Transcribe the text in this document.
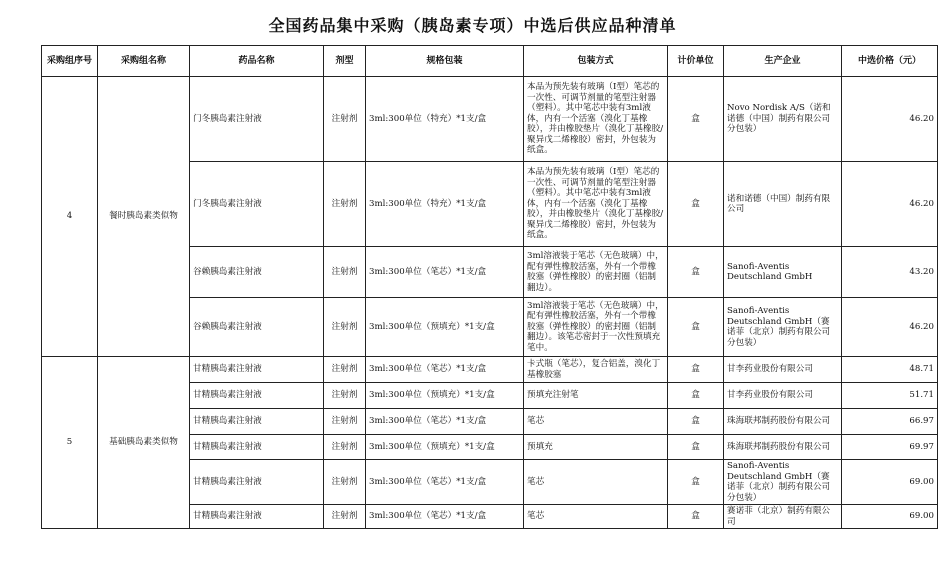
全国药品集中采购（胰岛素专项）中选后供应品种清单
采购组序号	采购组名称	药品名称	剂型	规格包装	包装方式	计价单位	生产企业	中选价格（元）
4	餐时胰岛素类似物	门冬胰岛素注射液	注射剂	3ml:300单位（特充）*1支/盒	本品为预先装有玻璃（Ⅰ型）笔芯的一次性、可调节剂量的笔型注射器（塑料）。其中笔芯中装有3ml液体，内有一个活塞（溴化丁基橡胶），并由橡胶垫片（溴化丁基橡胶/聚异戊二烯橡胶）密封，外包装为纸盒。	盒	Novo Nordisk A/S（诺和诺德（中国）制药有限公司分包装）	46.20
		门冬胰岛素注射液	注射剂	3ml:300单位（特充）*1支/盒	本品为预先装有玻璃（Ⅰ型）笔芯的一次性、可调节剂量的笔型注射器（塑料）。其中笔芯中装有3ml液体，内有一个活塞（溴化丁基橡胶），并由橡胶垫片（溴化丁基橡胶/聚异戊二烯橡胶）密封，外包装为纸盒。	盒	诺和诺德（中国）制药有限公司	46.20
		谷赖胰岛素注射液	注射剂	3ml:300单位（笔芯）*1支/盒	3ml溶液装于笔芯（无色玻璃）中，配有弹性橡胶活塞，外有一个带橡胶塞（弹性橡胶）的密封圈（铝制翻边）。	盒	Sanofi-Aventis Deutschland GmbH	43.20
		谷赖胰岛素注射液	注射剂	3ml:300单位（预填充）*1支/盒	3ml溶液装于笔芯（无色玻璃）中，配有弹性橡胶活塞，外有一个带橡胶塞（弹性橡胶）的密封圈（铝制翻边）。该笔芯密封于一次性预填充笔中。	盒	Sanofi-Aventis Deutschland GmbH（赛诺菲（北京）制药有限公司分包装）	46.20
5	基础胰岛素类似物	甘精胰岛素注射液	注射剂	3ml:300单位（笔芯）*1支/盒	卡式瓶（笔芯），复合铝盖，溴化丁基橡胶塞	盒	甘李药业股份有限公司	48.71
		甘精胰岛素注射液	注射剂	3ml:300单位（预填充）*1支/盒	预填充注射笔	盒	甘李药业股份有限公司	51.71
		甘精胰岛素注射液	注射剂	3ml:300单位（笔芯）*1支/盒	笔芯	盒	珠海联邦制药股份有限公司	66.97
		甘精胰岛素注射液	注射剂	3ml:300单位（预填充）*1支/盒	预填充	盒	珠海联邦制药股份有限公司	69.97
		甘精胰岛素注射液	注射剂	3ml:300单位（笔芯）*1支/盒	笔芯	盒	Sanofi-Aventis Deutschland GmbH（赛诺菲（北京）制药有限公司分包装）	69.00
		甘精胰岛素注射液	注射剂	3ml:300单位（笔芯）*1支/盒	笔芯	盒	赛诺菲（北京）制药有限公司	69.00
